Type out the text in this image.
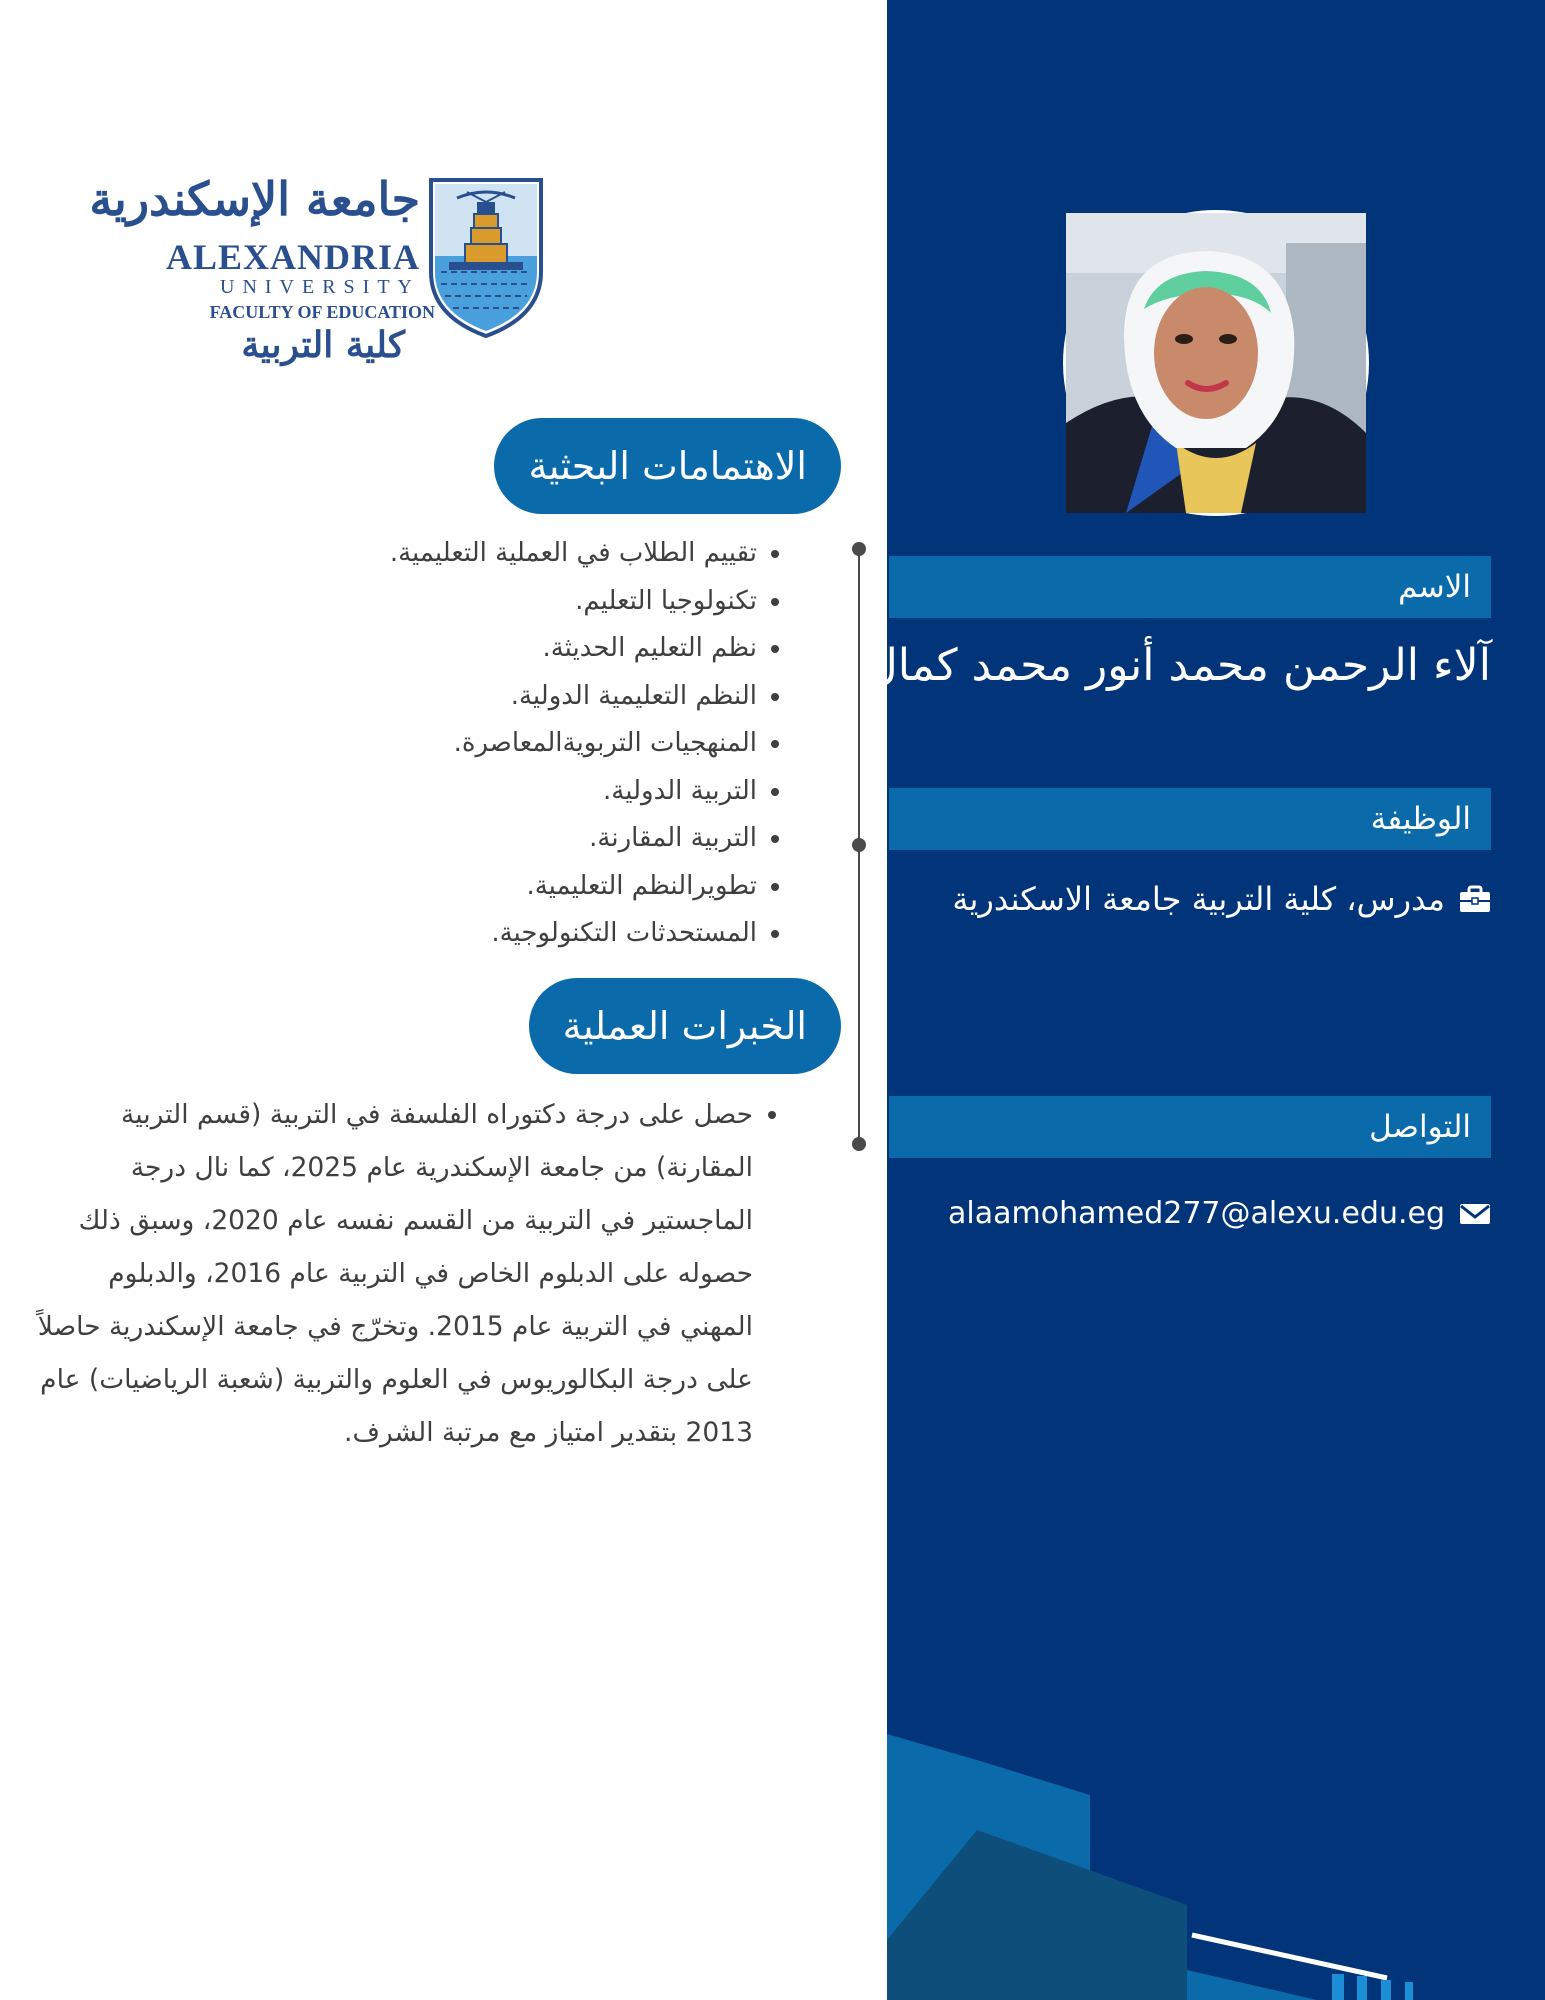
جامعة الإسكندرية
ALEXANDRIA
UNIVERSITY
FACULTY OF EDUCATION
كلية التربية
الاهتمامات البحثية
• تقييم الطلاب في العملية التعليمية.
• تكنولوجيا التعليم.
• نظم التعليم الحديثة.
• النظم التعليمية الدولية.
• المنهجيات التربويةالمعاصرة.
• التربية الدولية.
• التربية المقارنة.
• تطويرالنظم التعليمية.
• المستحدثات التكنولوجية.
الخبرات العملية
• حصل على درجة دكتوراه الفلسفة في التربية (قسم التربية المقارنة) من جامعة الإسكندرية عام 2025، كما نال درجة الماجستير في التربية من القسم نفسه عام 2020، وسبق ذلك حصوله على الدبلوم الخاص في التربية عام 2016، والدبلوم المهني في التربية عام 2015. وتخرّج في جامعة الإسكندرية حاصلاً على درجة البكالوريوس في العلوم والتربية (شعبة الرياضيات) عام 2013 بتقدير امتياز مع مرتبة الشرف.
الاسم
آلاء الرحمن محمد أنور محمد كمال الدين
الوظيفة
مدرس، كلية التربية جامعة الاسكندرية
التواصل
alaamohamed277@alexu.edu.eg
